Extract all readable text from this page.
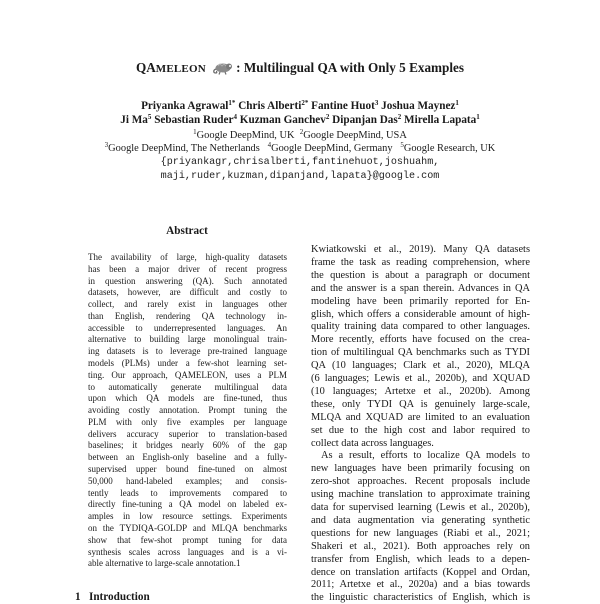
QAMELEON : Multilingual QA with Only 5 Examples
Priyanka Agrawal$^{1*}$ Chris Alberti$^{2*}$ Fantine Huot$^3$ Joshua Maynez$^1$
Ji Ma$^5$ Sebastian Ruder$^4$ Kuzman Ganchev$^2$ Dipanjan Das$^2$ Mirella Lapata$^1$
$^1$Google DeepMind, UK $^2$Google DeepMind, USA
$^3$Google DeepMind, The Netherlands $^4$Google DeepMind, Germany $^5$Google Research, UK
{priyankagr,chrisalberti,fantinehuot,joshuahm,
maji,ruder,kuzman,dipanjand,lapata}@google.com
Abstract
The availability of large, high-quality datasets
has been a major driver of recent progress
in question answering (QA). Such annotated
datasets, however, are difficult and costly to
collect, and rarely exist in languages other
than English, rendering QA technology in-
accessible to underrepresented languages. An
alternative to building large monolingual train-
ing datasets is to leverage pre-trained language
models (PLMs) under a few-shot learning set-
ting. Our approach, QAMELEON, uses a PLM
to automatically generate multilingual data
upon which QA models are fine-tuned, thus
avoiding costly annotation. Prompt tuning the
PLM with only five examples per language
delivers accuracy superior to translation-based
baselines; it bridges nearly 60% of the gap
between an English-only baseline and a fully-
supervised upper bound fine-tuned on almost
50,000 hand-labeled examples; and consis-
tently leads to improvements compared to
directly fine-tuning a QA model on labeled ex-
amples in low resource settings. Experiments
on the TYDIQA-GOLDP and MLQA benchmarks
show that few-shot prompt tuning for data
synthesis scales across languages and is a vi-
able alternative to large-scale annotation.1
Kwiatkowski et al., 2019). Many QA datasets
frame the task as reading comprehension, where
the question is about a paragraph or document
and the answer is a span therein. Advances in QA
modeling have been primarily reported for En-
glish, which offers a considerable amount of high-
quality training data compared to other languages.
More recently, efforts have focused on the crea-
tion of multilingual QA benchmarks such as TYDI
QA (10 languages; Clark et al., 2020), MLQA
(6 languages; Lewis et al., 2020b), and XQUAD
(10 languages; Artetxe et al., 2020b). Among
these, only TYDI QA is genuinely large-scale,
MLQA and XQUAD are limited to an evaluation
set due to the high cost and labor required to
collect data across languages.
As a result, efforts to localize QA models to
new languages have been primarily focusing on
zero-shot approaches. Recent proposals include
using machine translation to approximate training
data for supervised learning (Lewis et al., 2020b),
and data augmentation via generating synthetic
questions for new languages (Riabi et al., 2021;
Shakeri et al., 2021). Both approaches rely on
transfer from English, which leads to a depen-
dence on translation artifacts (Koppel and Ordan,
2011; Artetxe et al., 2020a) and a bias towards
the linguistic characteristics of English, which is
1 Introduction
